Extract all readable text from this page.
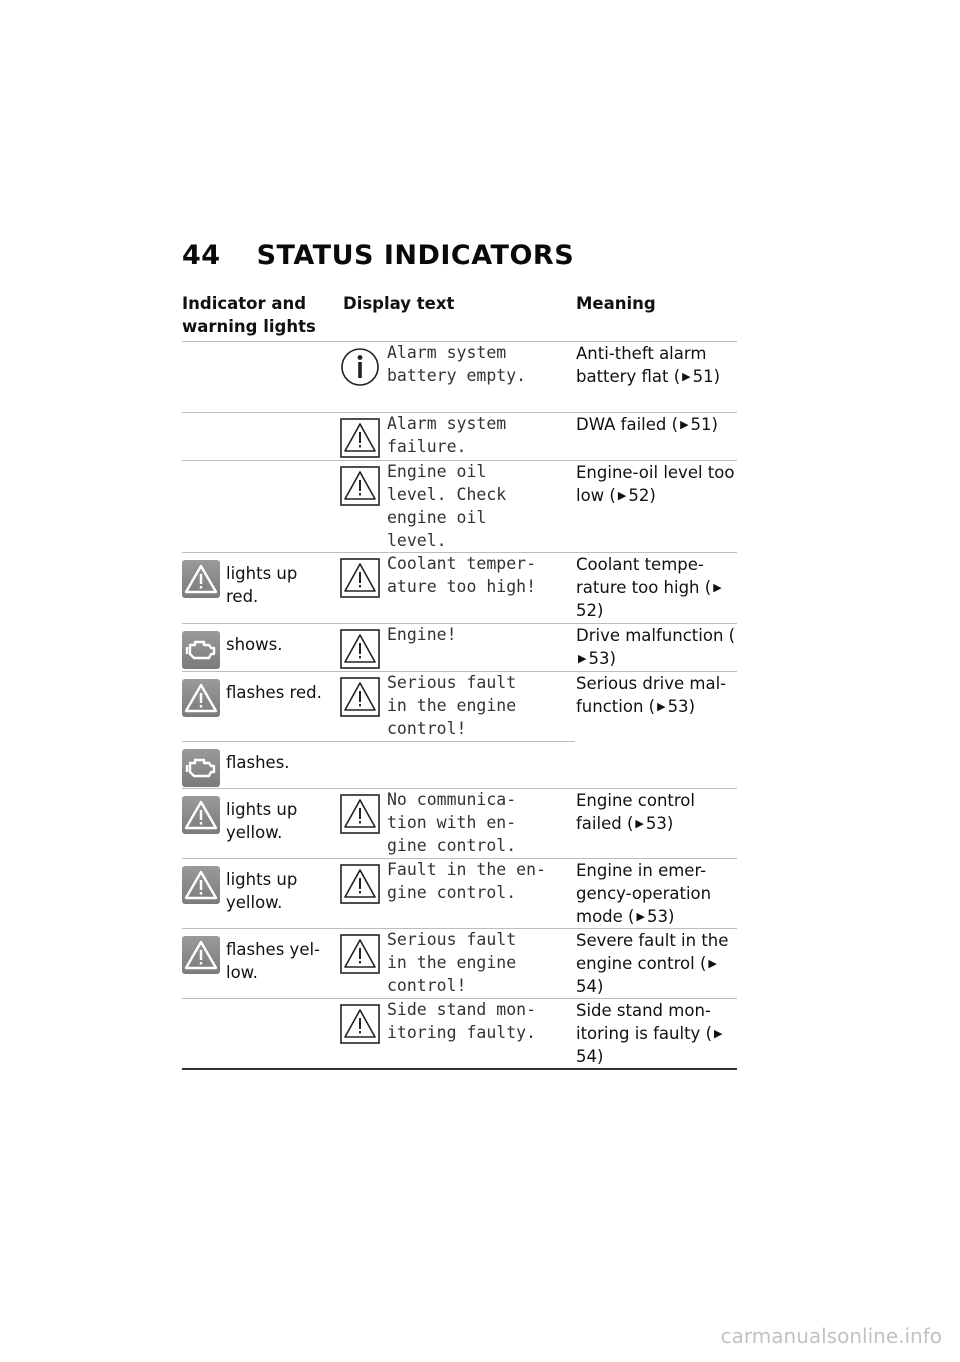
44 STATUS INDICATORS
Indicator and warning lights
Display text	Meaning
Alarm system
battery empty.
Anti-theft alarm battery flat ( ▶ 51)
Alarm system
failure.
DWA failed ( ▶ 51)
Engine oil
level. Check
engine oil
level.
Engine-oil level too low ( ▶ 52)
lights up red.
Coolant temper-
ature too high!
Coolant tempe-rature too high ( ▶52)
shows.
Engine!	Drive malfunction (▶ 53)
flashes red.
Serious fault
in the engine
control!
Serious drive mal-function ( ▶ 53)
flashes.
lights up yellow.
No communica-
tion with en-
gine control.
Engine control failed ( ▶ 53)
lights up yellow.
Fault in the en-
gine control.
Engine in emer-gency-operation mode ( ▶ 53)
flashes yel-low.
Serious fault
in the engine
control!
Severe fault in the engine control ( ▶54)
Side stand mon-
itoring faulty.
Side stand mon-itoring is faulty ( ▶54)
carmanualsonline.info
